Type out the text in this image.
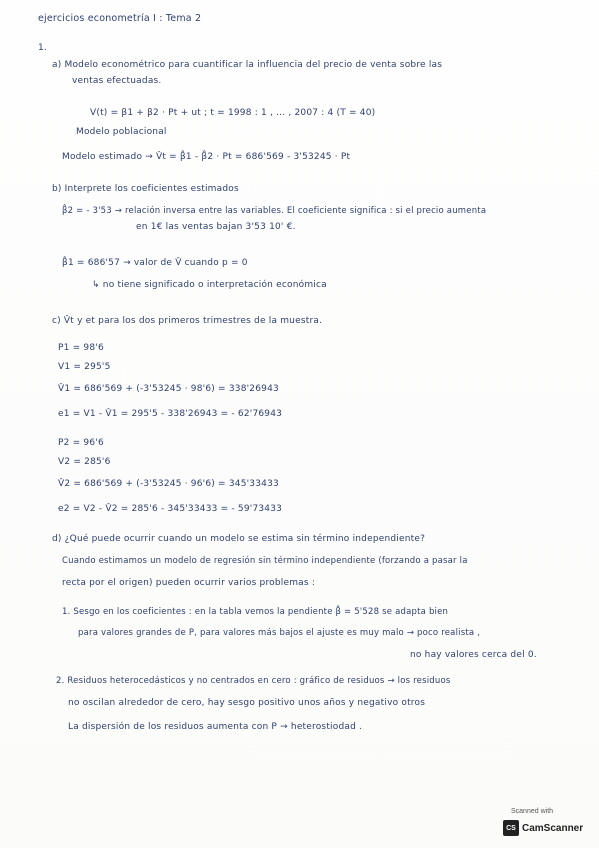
ejercicios econometría I : Tema 2
1.
a) Modelo econométrico para cuantificar la influencia del precio de venta sobre las
ventas efectuadas.
V(t) = β1 + β2 · Pt + ut ; t = 1998 : 1 , ... , 2007 : 4 (T = 40)
Modelo poblacional
Modelo estimado → V̂t = β̂1 - β̂2 · Pt = 686'569 - 3'53245 · Pt
b) Interprete los coeficientes estimados
β̂2 = - 3'53 → relación inversa entre las variables. El coeficiente significa : si el precio aumenta
en 1€ las ventas bajan 3'53 10' €.
β̂1 = 686'57 → valor de V̂ cuando p = 0
↳ no tiene significado o interpretación económica
c) V̂t y et para los dos primeros trimestres de la muestra.
P1 = 98'6
V1 = 295'5
V̂1 = 686'569 + (-3'53245 · 98'6) = 338'26943
e1 = V1 - V̂1 = 295'5 - 338'26943 = - 62'76943
P2 = 96'6
V2 = 285'6
V̂2 = 686'569 + (-3'53245 · 96'6) = 345'33433
e2 = V2 - V̂2 = 285'6 - 345'33433 = - 59'73433
d) ¿Qué puede ocurrir cuando un modelo se estima sin término independiente?
Cuando estimamos un modelo de regresión sin término independiente (forzando a pasar la
recta por el origen) pueden ocurrir varios problemas :
1. Sesgo en los coeficientes : en la tabla vemos la pendiente β̂ = 5'528 se adapta bien
para valores grandes de P, para valores más bajos el ajuste es muy malo → poco realista ,
no hay valores cerca del 0.
2. Residuos heterocedásticos y no centrados en cero : gráfico de residuos → los residuos
no oscilan alrededor de cero, hay sesgo positivo unos años y negativo otros
La dispersión de los residuos aumenta con P → heterostiodad .
Scanned with
CS CamScanner
